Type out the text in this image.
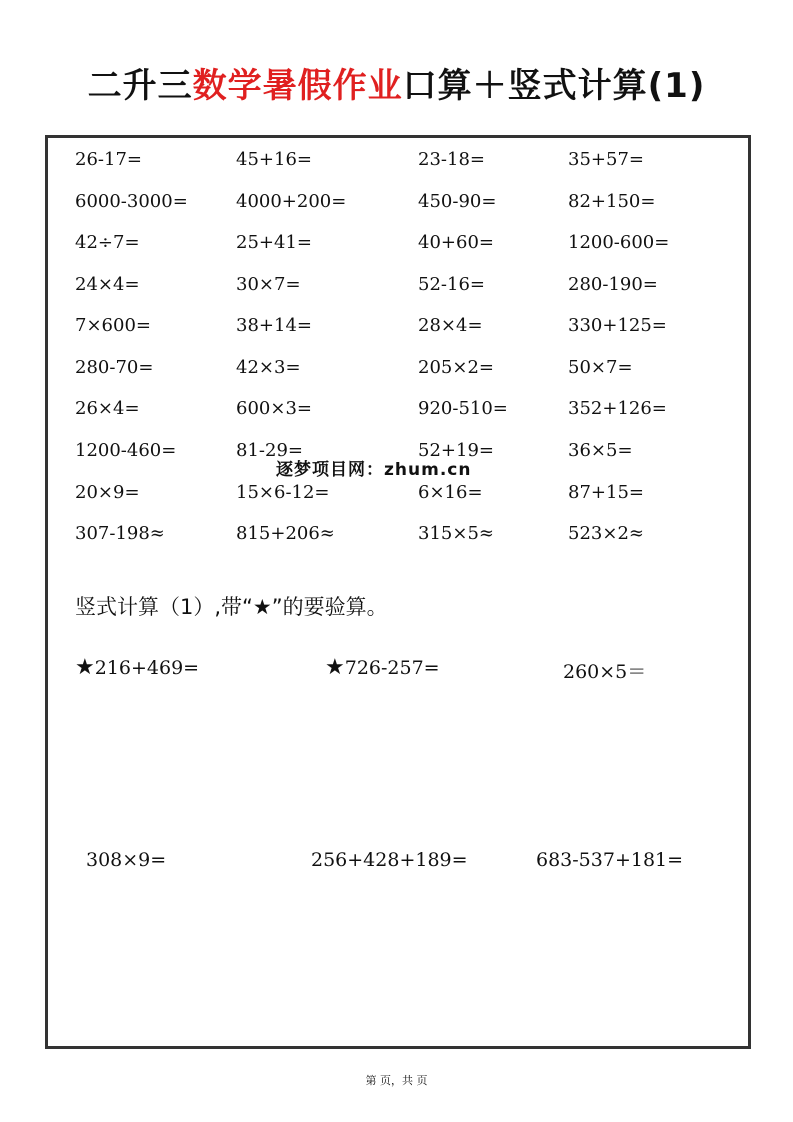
二升三数学暑假作业口算＋竖式计算(1)
26-17=	45+16=	23-18=	35+57=
6000-3000=	4000+200=	450-90=	82+150=
42÷7=	25+41=	40+60=	1200-600=
24×4=	30×7=	52-16=	280-190=
7×600=	38+14=	28×4=	330+125=
280-70=	42×3=	205×2=	50×7=
26×4=	600×3=	920-510=	352+126=
1200-460=	81-29=	52+19=	36×5=
20×9=	15×6-12=	6×16=	87+15=
307-198≈	815+206≈	315×5≈	523×2≈
逐梦项目网：zhum.cn
竖式计算（1）,带“★”的要验算。
★216+469=	★726-257=	260×5＝
308×9=	256+428+189=	683-537+181=
第 页，共 页
